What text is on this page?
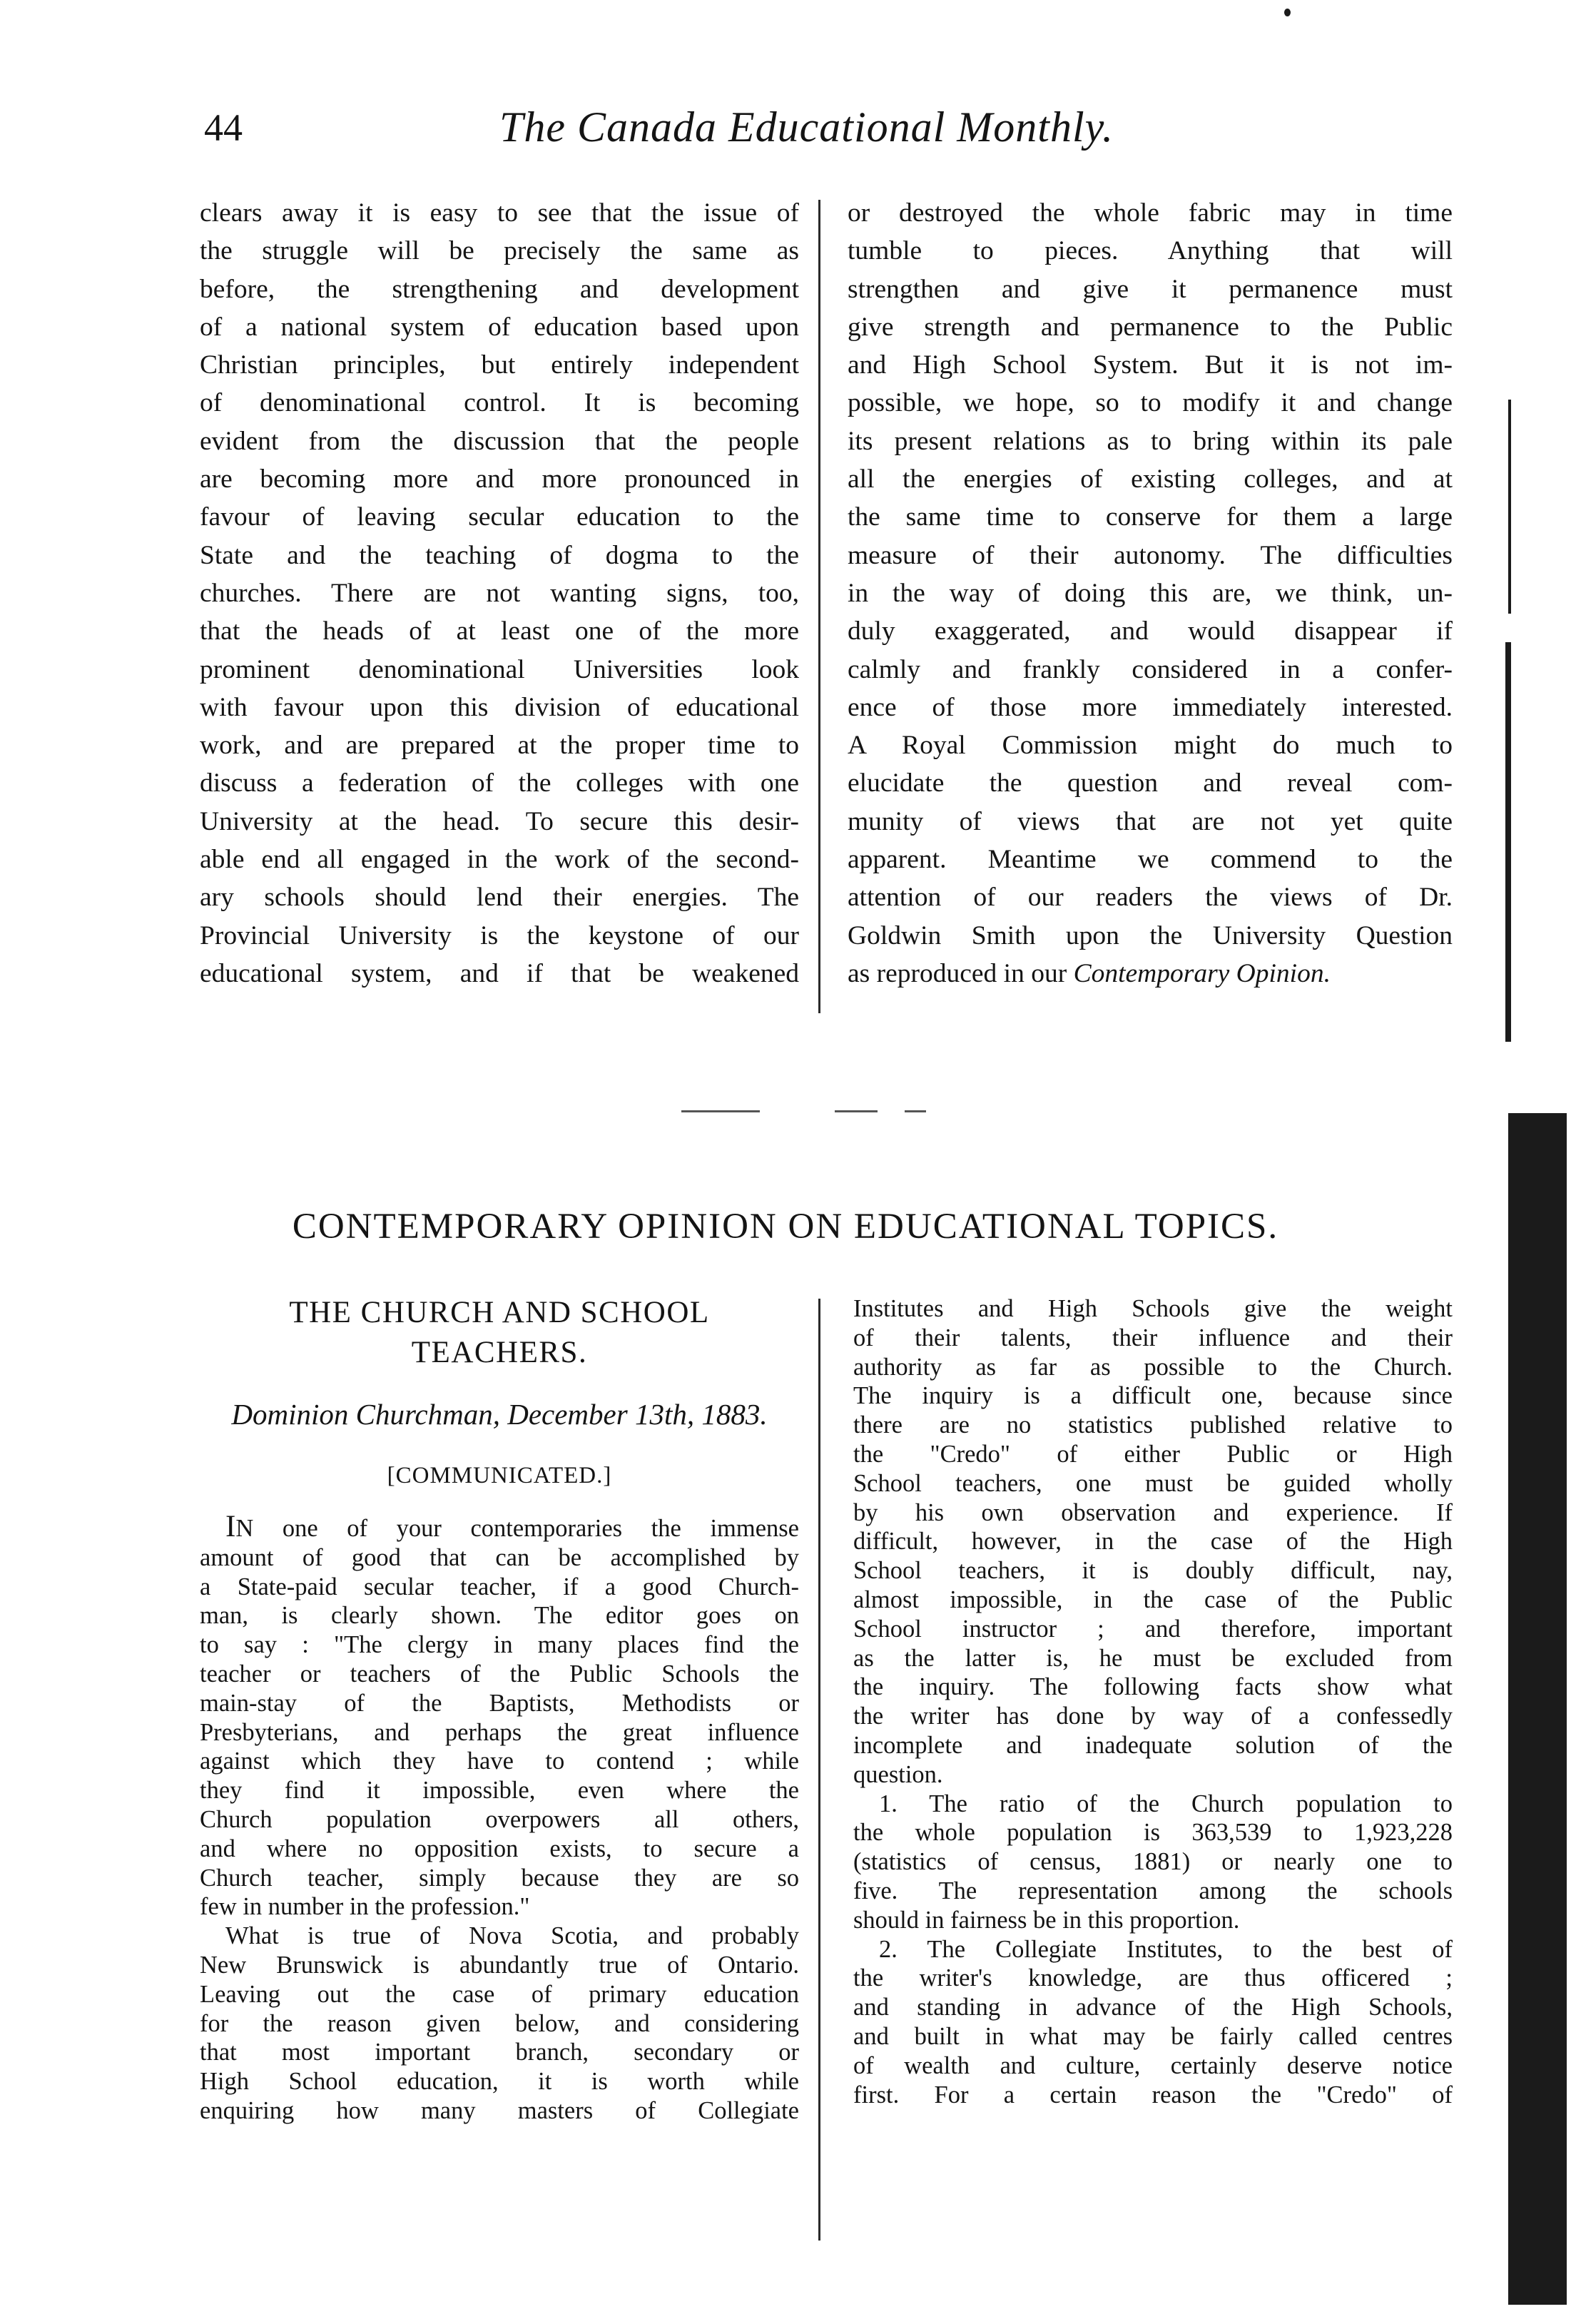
44	The Canada Educational Monthly.

clears away it is easy to see that the issue of

the struggle will be precisely the same as

before, the strengthening and development

of a national system of education based upon

Christian principles, but entirely independent

of denominational control. It is becoming

evident from the discussion that the people

are becoming more and more pronounced in

favour of leaving secular education to the

State and the teaching of dogma to the

churches. There are not wanting signs, too,

that the heads of at least one of the more

prominent denominational Universities look

with favour upon this division of educational

work, and are prepared at the proper time to

discuss a federation of the colleges with one

University at the head. To secure this desir-

able end all engaged in the work of the second-

ary schools should lend their energies. The

Provincial University is the keystone of our

educational system, and if that be weakened

or destroyed the whole fabric may in time

tumble to pieces. Anything that will

strengthen and give it permanence must

give strength and permanence to the Public

and High School System. But it is not im-

possible, we hope, so to modify it and change

its present relations as to bring within its pale

all the energies of existing colleges, and at

the same time to conserve for them a large

measure of their autonomy. The difficulties

in the way of doing this are, we think, un-

duly exaggerated, and would disappear if

calmly and frankly considered in a confer-

ence of those more immediately interested.

A Royal Commission might do much to

elucidate the question and reveal com-

munity of views that are not yet quite

apparent. Meantime we commend to the

attention of our readers the views of Dr.

Goldwin Smith upon the University Question

as reproduced in our Contemporary Opinion.

CONTEMPORARY OPINION ON EDUCATIONAL TOPICS.
THE CHURCH AND SCHOOL
TEACHERS.
Dominion Churchman, December 13th, 1883.
[COMMUNICATED.]

IN one of your contemporaries the immense

amount of good that can be accomplished by

a State-paid secular teacher, if a good Church-

man, is clearly shown. The editor goes on

to say : "The clergy in many places find the

teacher or teachers of the Public Schools the

main-stay of the Baptists, Methodists or

Presbyterians, and perhaps the great influence

against which they have to contend ; while

they find it impossible, even where the

Church population overpowers all others,

and where no opposition exists, to secure a

Church teacher, simply because they are so

few in number in the profession."

What is true of Nova Scotia, and probably

New Brunswick is abundantly true of Ontario.

Leaving out the case of primary education

for the reason given below, and considering

that most important branch, secondary or

High School education, it is worth while

enquiring how many masters of Collegiate

Institutes and High Schools give the weight

of their talents, their influence and their

authority as far as possible to the Church.

The inquiry is a difficult one, because since

there are no statistics published relative to

the "Credo" of either Public or High

School teachers, one must be guided wholly

by his own observation and experience. If

difficult, however, in the case of the High

School teachers, it is doubly difficult, nay,

almost impossible, in the case of the Public

School instructor ; and therefore, important

as the latter is, he must be excluded from

the inquiry. The following facts show what

the writer has done by way of a confessedly

incomplete and inadequate solution of the

question.

1. The ratio of the Church population to

the whole population is 363,539 to 1,923,228

(statistics of census, 1881) or nearly one to

five. The representation among the schools

should in fairness be in this proportion.

2. The Collegiate Institutes, to the best of

the writer's knowledge, are thus officered ;

and standing in advance of the High Schools,

and built in what may be fairly called centres

of wealth and culture, certainly deserve notice

first. For a certain reason the "Credo" of
